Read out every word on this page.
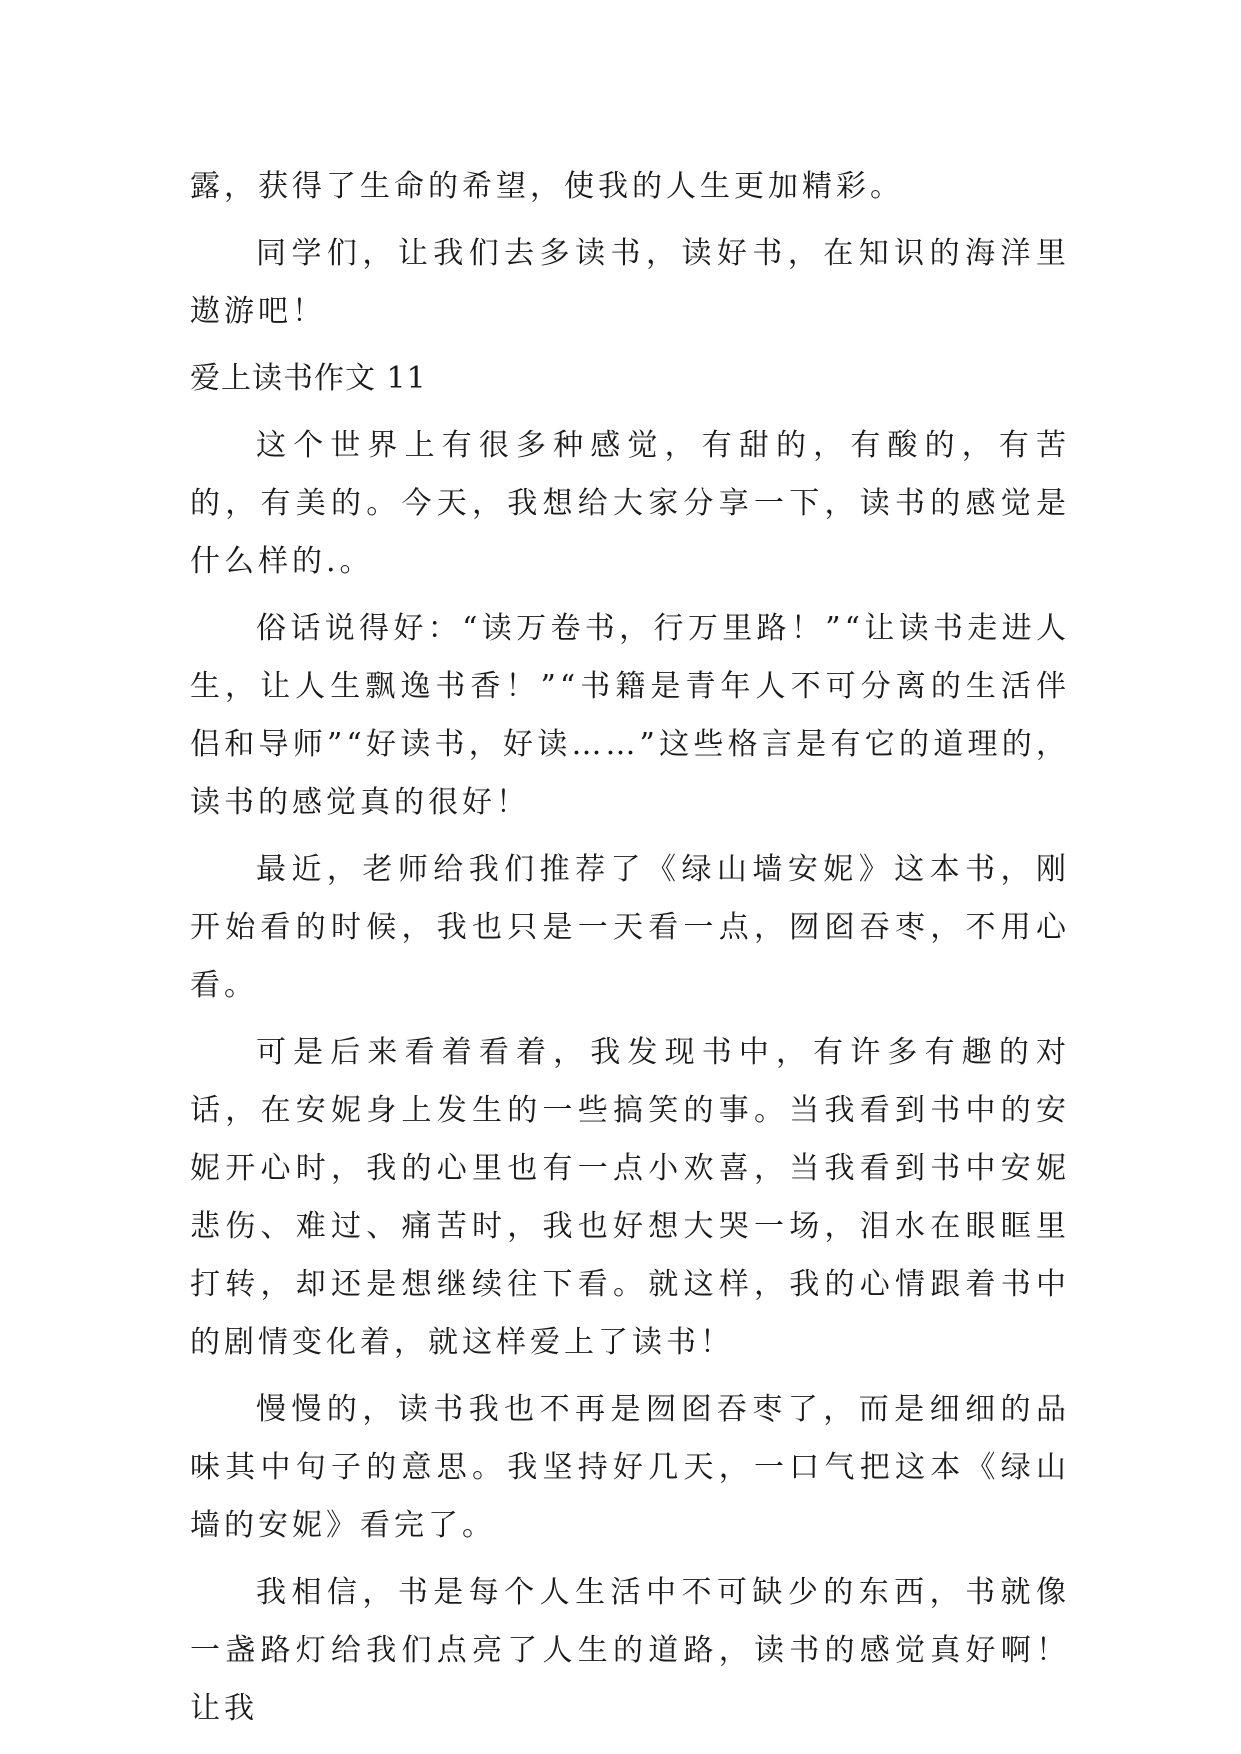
露，获得了生命的希望，使我的人生更加精彩。

同学们，让我们去多读书，读好书，在知识的海洋里遨游吧！

爱上读书作文 11

这个世界上有很多种感觉，有甜的，有酸的，有苦的，有美的。今天，我想给大家分享一下，读书的感觉是什么样的.。

俗话说得好：“读万卷书，行万里路！”“让读书走进人生，让人生飘逸书香！”“书籍是青年人不可分离的生活伴侣和导师”“好读书，好读……”这些格言是有它的道理的，读书的感觉真的很好！

最近，老师给我们推荐了《绿山墙安妮》这本书，刚开始看的时候，我也只是一天看一点，囫囵吞枣，不用心看。

可是后来看着看着，我发现书中，有许多有趣的对话，在安妮身上发生的一些搞笑的事。当我看到书中的安妮开心时，我的心里也有一点小欢喜，当我看到书中安妮悲伤、难过、痛苦时，我也好想大哭一场，泪水在眼眶里打转，却还是想继续往下看。就这样，我的心情跟着书中的剧情变化着，就这样爱上了读书！

慢慢的，读书我也不再是囫囵吞枣了，而是细细的品味其中句子的意思。我坚持好几天，一口气把这本《绿山墙的安妮》看完了。

我相信，书是每个人生活中不可缺少的东西，书就像一盏路灯给我们点亮了人生的道路，读书的感觉真好啊！让我
